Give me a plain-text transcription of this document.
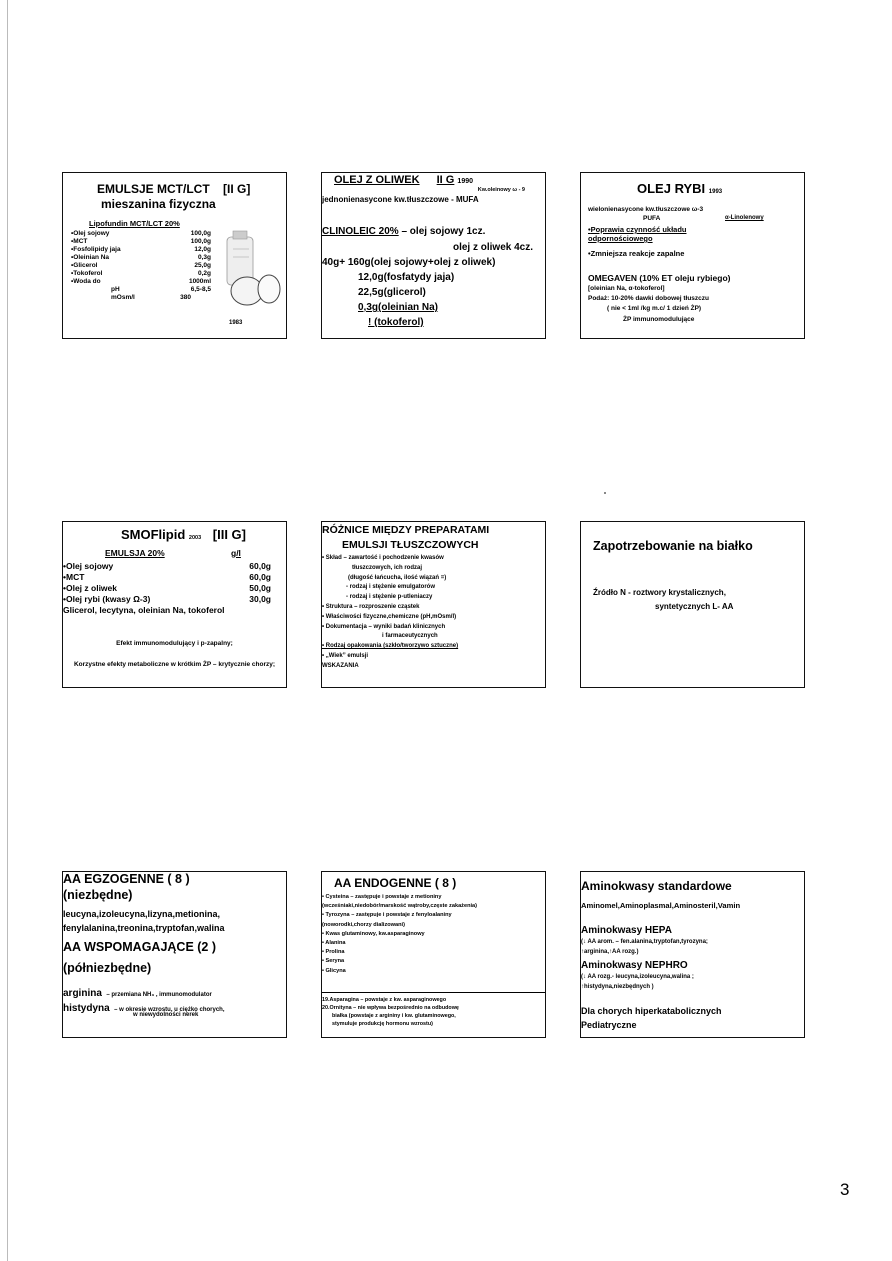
EMULSJE MCT/LCT [II G]
mieszanina fizyczna
Lipofundin MCT/LCT 20%
• Olej sojowy	100,0g
• MCT	100,0g
• Fosfolipidy jaja	12,0g
• Oleinian Na	0,3g
• Glicerol	25,0g
• Tokoferol	0,2g
• Woda do	1000ml
pH	6,5-8,5
mOsm/l	380
1983
OLEJ Z OLIWEK II G 1990
Kw.oleinowy ω - 9
jednonienasycone kw.tłuszczowe - MUFA
CLINOLEIC 20% – olej sojowy 1cz.
olej z oliwek 4cz.
40g+ 160g(olej sojowy+olej z oliwek)
12,0g(fosfatydy jaja)
22,5g(glicerol)
0,3g(oleinian Na)
! (tokoferol)
OLEJ RYBI 1993
wielonienasycone kw.tłuszczowe ω-3
PUFA	α-Linolenowy
• Poprawia czynność układu odpornościowego
• Zmniejsza reakcje zapalne
OMEGAVEN (10% ET oleju rybiego)
[oleinian Na, α-tokoferol]
Podaż: 10-20% dawki dobowej tłuszczu
( nie < 1ml /kg m.c/ 1 dzień ŻP)
ŻP immunomodulujące
SMOFlipid 2003 [III G]
EMULSJA 20%	g/l
• Olej sojowy	60,0g
• MCT	60,0g
• Olej z oliwek	50,0g
• Olej rybi (kwasy Ω-3)	30,0g
Glicerol, lecytyna, oleinian Na, tokoferol
Efekt immunomodulujący i p-zapalny;
Korzystne efekty metaboliczne w krótkim ŻP – krytycznie chorzy;
RÓŻNICE MIĘDZY PREPARATAMI
EMULSJI TŁUSZCZOWYCH
• Skład – zawartość i pochodzenie kwasów
tłuszczowych, ich rodzaj
(długość łańcucha, ilość wiązań =)
- rodzaj i stężenie emulgatorów
- rodzaj i stężenie p-utleniaczy
• Struktura – rozproszenie cząstek
• Właściwości fizyczne,chemiczne (pH,mOsm/l)
• Dokumentacja – wyniki badań klinicznych
i farmaceutycznych
• Rodzaj opakowania (szkło/tworzywo sztuczne)
• „Wiek” emulsji
WSKAZANIA
Zapotrzebowanie na białko
Źródło N - roztwory krystalicznych,
syntetycznych L- AA
AA EGZOGENNE ( 8 )
(niezbędne)
leucyna,izoleucyna,lizyna,metionina,
fenylalanina,treonina,tryptofan,walina
AA WSPOMAGAJĄCE (2 )
(półniezbędne)
arginina – przemiana NH₃ , immunomodulator
histydyna – w okresie wzrostu, u ciężko chorych,
w niewydolności nerek
AA ENDOGENNE ( 8 )
• Cysteina – zastępuje i powstaje z metioniny
(wcześniaki,niedobór/marskość wątroby,częste zakażenia)
• Tyrozyna – zastępuje i powstaje z fenyloalaniny
(noworodki,chorzy dializowani)
• Kwas glutaminowy, kw.asparaginowy
• Alanina
• Prolina
• Seryna
• Glicyna
19.Asparagina – powstaje z kw. asparaginowego
20.Ornityna – nie wpływa bezpośrednio na odbudowę
białka (powstaje z argininy i kw. glutaminowego,
stymuluje produkcję hormonu wzrostu)
Aminokwasy standardowe
Aminomel,Aminoplasmal,Aminosteril,Vamin
Aminokwasy HEPA
(↓ AA arom. – fen.alanina,tryptofan,tyrozyna;
↑arginina,↑AA rozg.)
Aminokwasy NEPHRO
(↓ AA rozg.- leucyna,izoleucyna,walina ;
↑histydyna,niezbędnych )
Dla chorych hiperkatabolicznych
Pediatryczne
3
